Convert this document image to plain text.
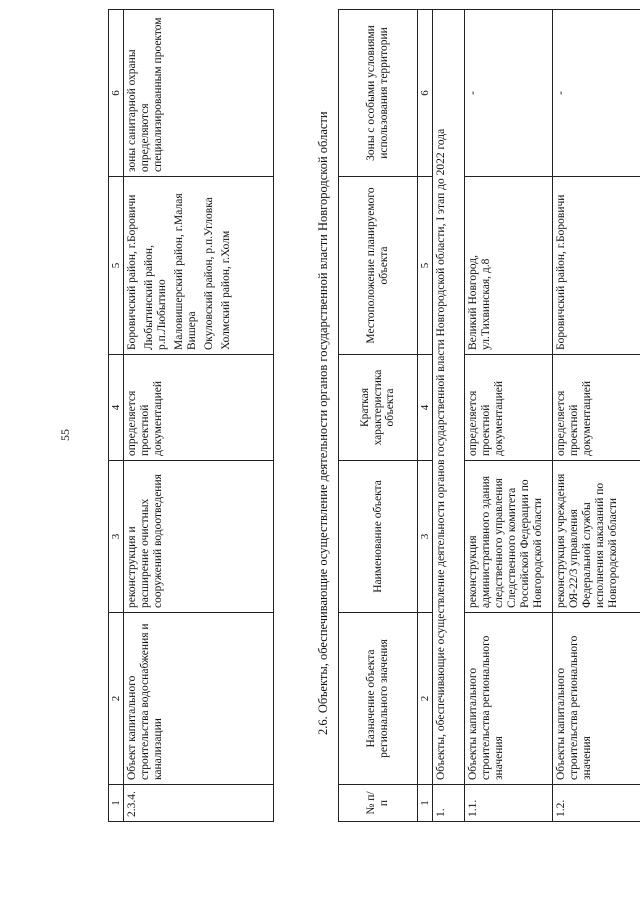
55
1	2	3	4	5	6
2.3.4.	Объект капитального строительства водоснабжения и канализации	реконструкция и расширение очистных сооружений водоотведения	определяется проектной документацией	Боровичский район, г.Боровичи Любытинский район, р.п.Любытино Маловишерский район, г.Малая Вишера Окуловский район, р.п.Угловка Холмский район, г.Холм	зоны санитарной охраны определяются специализированным проектом
2.6. Объекты, обеспечивающие осуществление деятельности органов государственной власти Новгородской области
№ п/п	Назначение объекта регионального значения	Наименование объекта	Краткая характеристика объекта	Местоположение планируемого объекта	Зоны с особыми условиями использования территории
1	2	3	4	5	6
1.	Объекты, обеспечивающие осуществление деятельности органов государственной власти Новгородской области, I этап до 2022 года				
1.1.	Объекты капитального строительства регионального значения	реконструкция административного здания следственного управления Следственного комитета Российской Федерации по Новгородской области	определяется проектной документацией	Великий Новгород, ул.Тихвинская, д.8	-
1.2.	Объекты капитального строительства регионального значения	реконструкция учреждения ОЯ-22/3 управления Федеральной службы исполнения наказаний по Новгородской области	определяется проектной документацией	Боровичский район, г.Боровичи	-
